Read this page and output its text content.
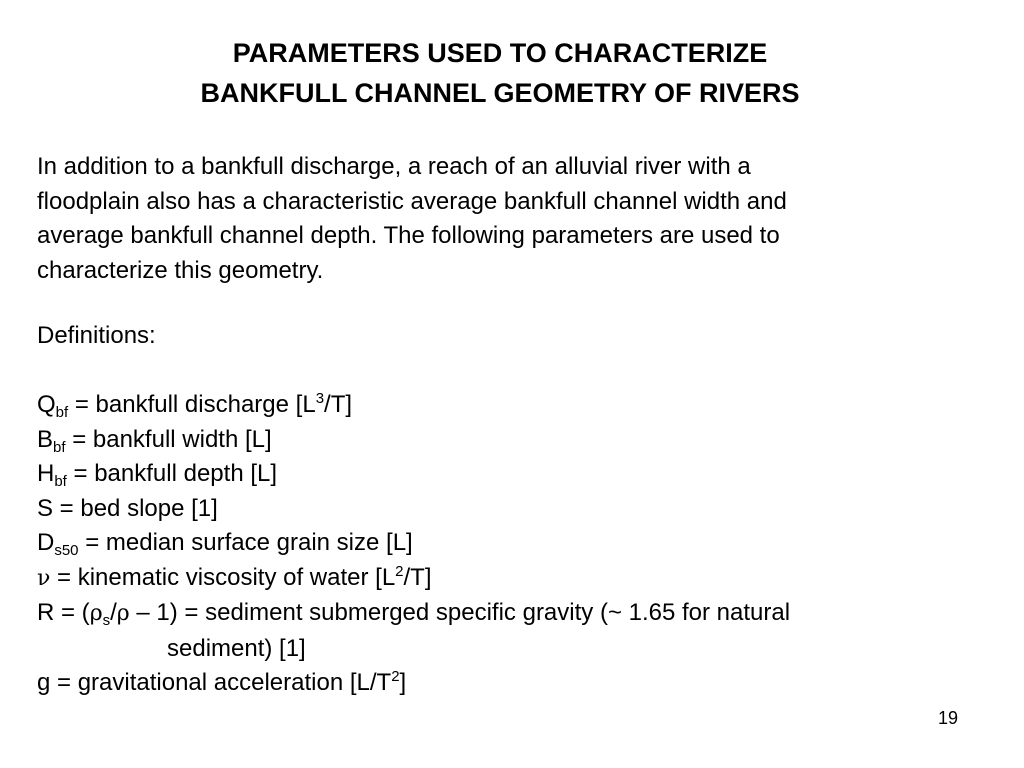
PARAMETERS USED TO CHARACTERIZE
BANKFULL CHANNEL GEOMETRY OF RIVERS
In addition to a bankfull discharge, a reach of an alluvial river with a
floodplain also has a characteristic average bankfull channel width and
average bankfull channel depth. The following parameters are used to
characterize this geometry.
Definitions:
$Q_{bf}$ = bankfull discharge $[L^3/T]$
$B_{bf}$ = bankfull width [L]
$H_{bf}$ = bankfull depth [L]
S = bed slope [1]
$D_{s50}$ = median surface grain size [L]
ν = kinematic viscosity of water $[L^2/T]$
$R = (\rho_s/\rho - 1)$ = sediment submerged specific gravity (~ 1.65 for natural
sediment) [1]
g = gravitational acceleration $[L/T^2]$
19
